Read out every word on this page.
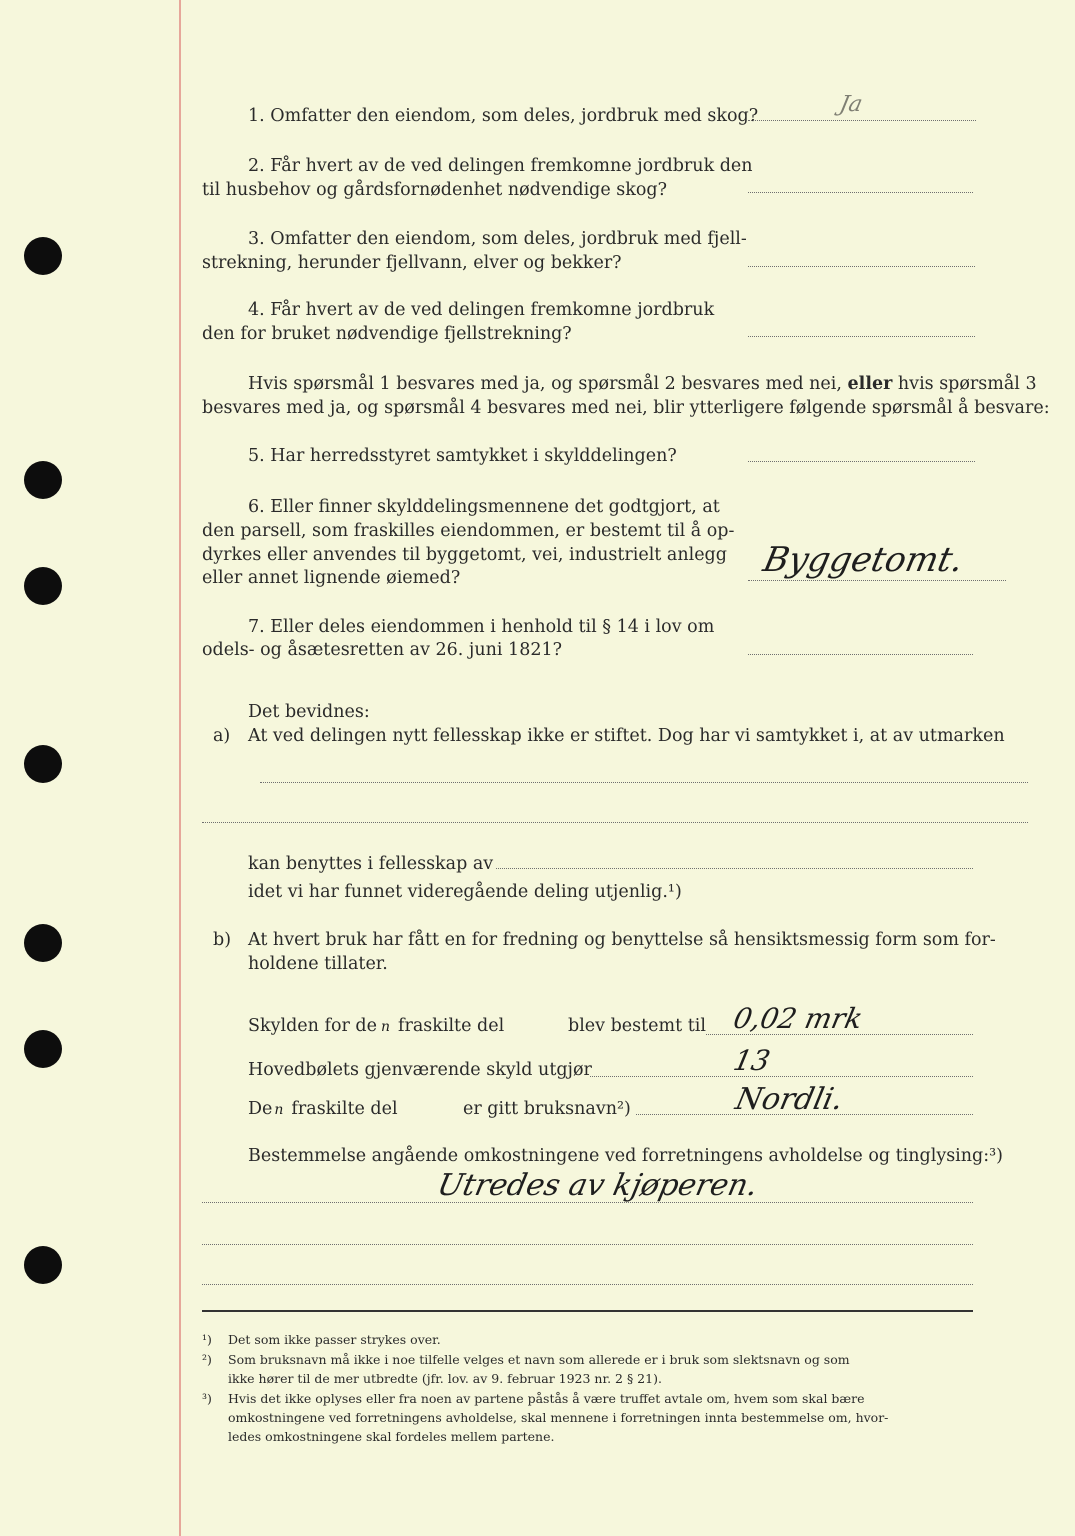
1. Omfatter den eiendom, som deles, jordbruk med skog?	Ja
2. Får hvert av de ved delingen fremkomne jordbruk den
til husbehov og gårdsfornødenhet nødvendige skog?
3. Omfatter den eiendom, som deles, jordbruk med fjell‐
strekning, herunder fjellvann, elver og bekker?
4. Får hvert av de ved delingen fremkomne jordbruk
den for bruket nødvendige fjellstrekning?
Hvis spørsmål 1 besvares med ja, og spørsmål 2 besvares med nei, eller hvis spørsmål 3
besvares med ja, og spørsmål 4 besvares med nei, blir ytterligere følgende spørsmål å besvare:
5. Har herredsstyret samtykket i skylddelingen?
6. Eller finner skylddelingsmennene det godtgjort, at
den parsell, som fraskilles eiendommen, er bestemt til å op‐
dyrkes eller anvendes til byggetomt, vei, industrielt anlegg
eller annet lignende øiemed?	Byggetomt.
7. Eller deles eiendommen i henhold til § 14 i lov om
odels‐ og åsætesretten av 26. juni 1821?
Det bevidnes:
a) At ved delingen nytt fellesskap ikke er stiftet. Dog har vi samtykket i, at av utmarken
kan benyttes i fellesskap av
idet vi har funnet videregående deling utjenlig.¹)
b) At hvert bruk har fått en for fredning og benyttelse så hensiktsmessig form som for‐
holdene tillater.
Skylden for de n fraskilte del	blev bestemt til 0,02 mrk
Hovedbølets gjenværende skyld utgjør	13
De n fraskilte del	er gitt bruksnavn²)	Nordli.
Bestemmelse angående omkostningene ved forretningens avholdelse og tinglysing:³)
Utredes av kjøperen.
¹) Det som ikke passer strykes over.
²) Som bruksnavn må ikke i noe tilfelle velges et navn som allerede er i bruk som slektsnavn og som
ikke hører til de mer utbredte (jfr. lov. av 9. februar 1923 nr. 2 § 21).
³) Hvis det ikke oplyses eller fra noen av partene påstås å være truffet avtale om, hvem som skal bære
omkostningene ved forretningens avholdelse, skal mennene i forretningen innta bestemmelse om, hvor‐
ledes omkostningene skal fordeles mellem partene.
